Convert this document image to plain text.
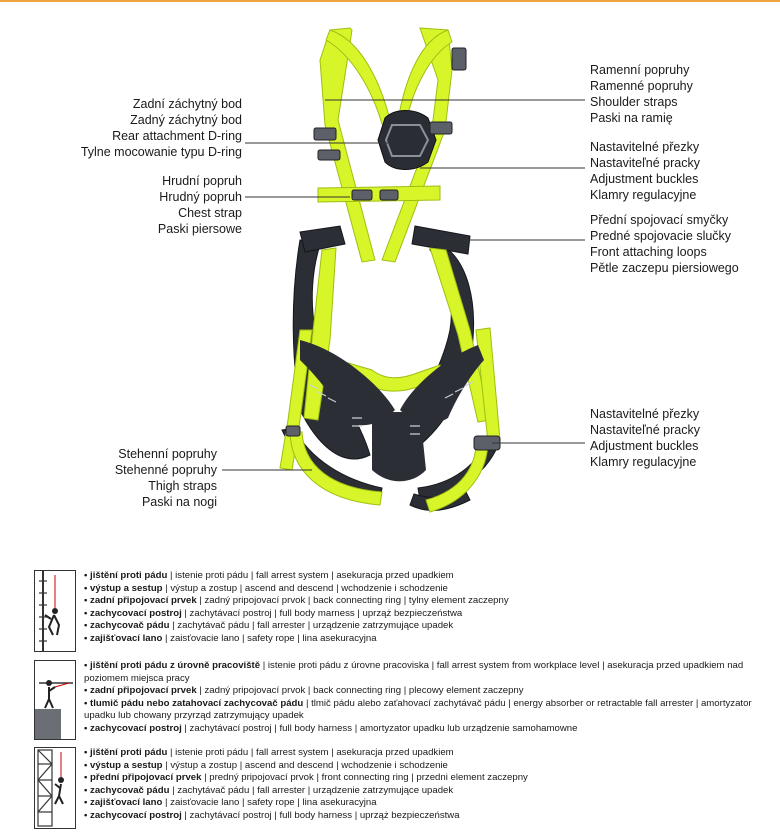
Ramenní popruhy
Ramenné popruhy
Shoulder straps
Paski na ramię
Nastavitelné přezky
Nastaviteľné pracky
Adjustment buckles
Klamry regulacyjne
Přední spojovací smyčky
Predné spojovacie slučky
Front attaching loops
Pětle zaczepu piersiowego
Nastavitelné přezky
Nastaviteľné pracky
Adjustment buckles
Klamry regulacyjne
Zadní záchytný bod
Zadný záchytný bod
Rear attachment D-ring
Tylne mocowanie typu D-ring
Hrudní popruh
Hrudný popruh
Chest strap
Paski piersowe
Stehenní popruhy
Stehenné popruhy
Thigh straps
Paski na nogi
• jištění proti pádu | istenie proti pádu | fall arrest system | asekuracja przed upadkiem
• výstup a sestup | výstup a zostup | ascend and descend | wchodzenie i schodzenie
• zadní připojovací prvek | zadný pripojovací prvok | back connecting ring | tylny element zaczepny
• zachycovací postroj | zachytávací postroj | full body marness | uprząż bezpieczeństwa
• zachycovač pádu | zachytávač pádu | fall arrester | urządzenie zatrzymujące upadek
• zajišťovací lano | zaisťovacie lano | safety rope | lina asekuracyjna
• jištění proti pádu z úrovně pracoviště | istenie proti pádu z úrovne pracoviska | fall arrest system from workplace level | asekuracja przed upadkiem nad poziomem miejsca pracy
• zadní připojovací prvek | zadný pripojovací prvok | back connecting ring | plecowy element zaczepny
• tlumič pádu nebo zatahovací zachycovač pádu | tlmič pádu alebo zaťahovací zachytávač pádu | energy absorber or retractable fall arrester | amortyzator upadku lub chowany przyrząd zatrzymujący upadek
• zachycovací postroj | zachytávací postroj | full body harness | amortyzator upadku lub urządzenie samohamowne
• jištění proti pádu | istenie proti pádu | fall arrest system | asekuracja przed upadkiem
• výstup a sestup | výstup a zostup | ascend and descend | wchodzenie i schodzenie
• přední připojovací prvek | predný pripojovací prvok | front connecting ring | przedni element zaczepny
• zachycovač pádu | zachytávač pádu | fall arrester | urządzenie zatrzymujące upadek
• zajišťovací lano | zaisťovacie lano | safety rope | lina asekuracyjna
• zachycovací postroj | zachytávací postroj | full body harness | uprząż bezpieczeństwa
